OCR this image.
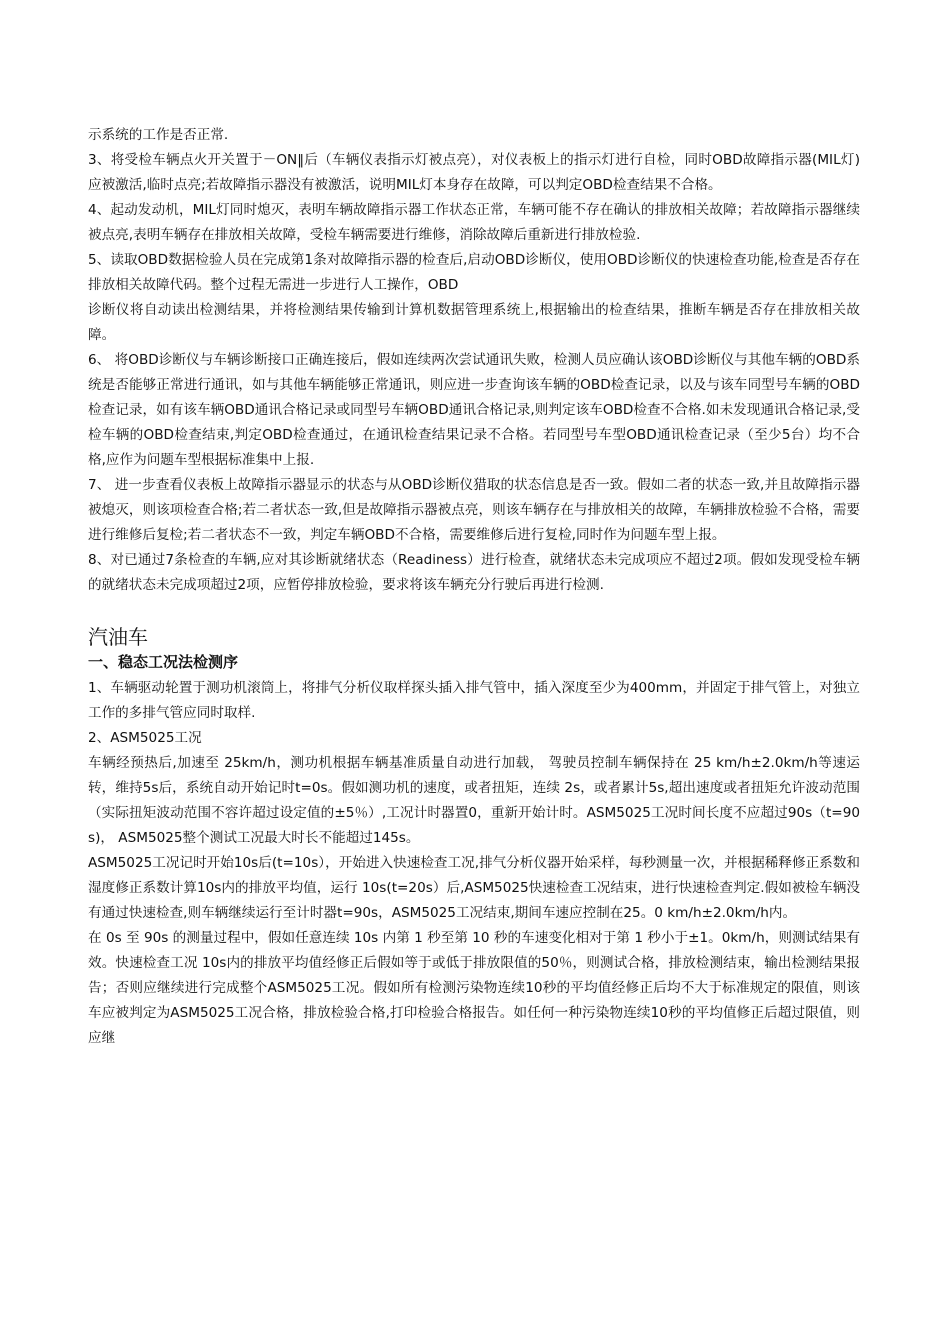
示系统的工作是否正常.

3、将受检车辆点火开关置于－ON‖后（车辆仪表指示灯被点亮），对仪表板上的指示灯进行自检，同时OBD故障指示器(MIL灯)应被激活,临时点亮;若故障指示器没有被激活，说明MIL灯本身存在故障，可以判定OBD检查结果不合格。

4、起动发动机，MIL灯同时熄灭，表明车辆故障指示器工作状态正常，车辆可能不存在确认的排放相关故障；若故障指示器继续被点亮,表明车辆存在排放相关故障，受检车辆需要进行维修，消除故障后重新进行排放检验.

5、读取OBD数据检验人员在完成第1条对故障指示器的检查后,启动OBD诊断仪，使用OBD诊断仪的快速检查功能,检查是否存在排放相关故障代码。整个过程无需进一步进行人工操作，OBD

诊断仪将自动读出检测结果，并将检测结果传输到计算机数据管理系统上,根据输出的检查结果，推断车辆是否存在排放相关故障。

6、 将OBD诊断仪与车辆诊断接口正确连接后，假如连续两次尝试通讯失败，检测人员应确认该OBD诊断仪与其他车辆的OBD系统是否能够正常进行通讯，如与其他车辆能够正常通讯，则应进一步查询该车辆的OBD检查记录，以及与该车同型号车辆的OBD检查记录，如有该车辆OBD通讯合格记录或同型号车辆OBD通讯合格记录,则判定该车OBD检查不合格.如未发现通讯合格记录,受检车辆的OBD检查结束,判定OBD检查通过，在通讯检查结果记录不合格。若同型号车型OBD通讯检查记录（至少5台）均不合格,应作为问题车型根据标准集中上报.

7、 进一步查看仪表板上故障指示器显示的状态与从OBD诊断仪猎取的状态信息是否一致。假如二者的状态一致,并且故障指示器被熄灭，则该项检查合格;若二者状态一致,但是故障指示器被点亮，则该车辆存在与排放相关的故障，车辆排放检验不合格，需要进行维修后复检;若二者状态不一致，判定车辆OBD不合格，需要维修后进行复检,同时作为问题车型上报。

8、对已通过7条检查的车辆,应对其诊断就绪状态（Readiness）进行检查，就绪状态未完成项应不超过2项。假如发现受检车辆的就绪状态未完成项超过2项，应暂停排放检验，要求将该车辆充分行驶后再进行检测.

汽油车
一、稳态工况法检测序

1、车辆驱动轮置于测功机滚筒上，将排气分析仪取样探头插入排气管中，插入深度至少为400mm，并固定于排气管上，对独立工作的多排气管应同时取样.

2、ASM5025工况

车辆经预热后,加速至 25km/h，测功机根据车辆基准质量自动进行加载， 驾驶员控制车辆保持在 25 km/h±2.0km/h等速运转，维持5s后，系统自动开始记时t=0s。假如测功机的速度，或者扭矩，连续 2s，或者累计5s,超出速度或者扭矩允许波动范围（实际扭矩波动范围不容许超过设定值的±5％）,工况计时器置0，重新开始计时。ASM5025工况时间长度不应超过90s（t=90s)， ASM5025整个测试工况最大时长不能超过145s。

ASM5025工况记时开始10s后(t=10s），开始进入快速检查工况,排气分析仪器开始采样，每秒测量一次，并根据稀释修正系数和湿度修正系数计算10s内的排放平均值，运行 10s(t=20s）后,ASM5025快速检查工况结束，进行快速检查判定.假如被检车辆没有通过快速检查,则车辆继续运行至计时器t=90s，ASM5025工况结束,期间车速应控制在25。0 km/h±2.0km/h内。

在 0s 至 90s 的测量过程中，假如任意连续 10s 内第 1 秒至第 10 秒的车速变化相对于第 1 秒小于±1。0km/h，则测试结果有效。快速检查工况 10s内的排放平均值经修正后假如等于或低于排放限值的50％，则测试合格，排放检测结束，输出检测结果报告；否则应继续进行完成整个ASM5025工况。假如所有检测污染物连续10秒的平均值经修正后均不大于标准规定的限值，则该车应被判定为ASM5025工况合格，排放检验合格,打印检验合格报告。如任何一种污染物连续10秒的平均值修正后超过限值，则应继
